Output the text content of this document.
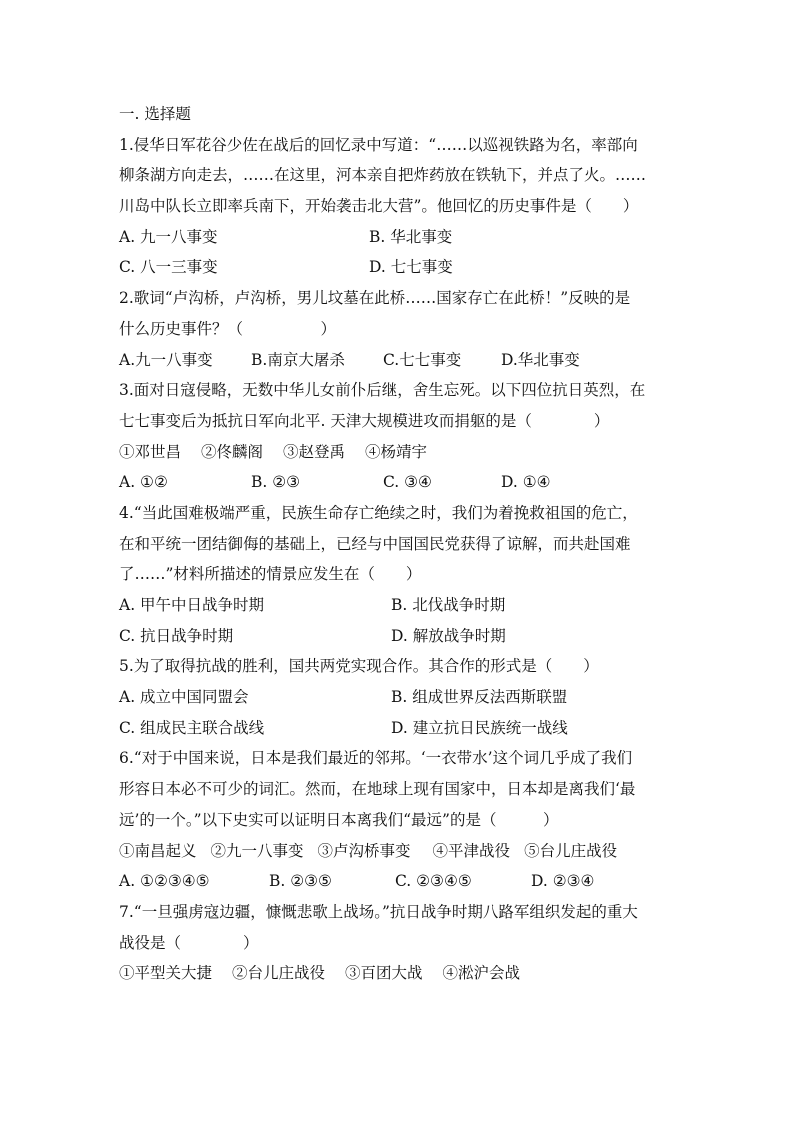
一. 选择题
1.侵华日军花谷少佐在战后的回忆录中写道：“……以巡视铁路为名，率部向
柳条湖方向走去，……在这里，河本亲自把炸药放在铁轨下，并点了火。……
川岛中队长立即率兵南下，开始袭击北大营”。他回忆的历史事件是（　　）
A. 九一八事变	B. 华北事变
C. 八一三事变	D. 七七事变
2.歌词“卢沟桥，卢沟桥，男儿坟墓在此桥……国家存亡在此桥！”反映的是
什么历史事件？（　　　　　）
A.九一八事变	B.南京大屠杀	C.七七事变	D.华北事变
3.面对日寇侵略，无数中华儿女前仆后继，舍生忘死。以下四位抗日英烈，在
七七事变后为抵抗日军向北平. 天津大规模进攻而捐躯的是（　　　　）
①邓世昌 ②佟麟阁 ③赵登禹 ④杨靖宇
A. ①②	B. ②③	C. ③④	D. ①④
4.“当此国难极端严重，民族生命存亡绝续之时，我们为着挽救祖国的危亡，
在和平统一团结御侮的基础上，已经与中国国民党获得了谅解，而共赴国难
了……”材料所描述的情景应发生在（　　）
A. 甲午中日战争时期	B. 北伐战争时期
C. 抗日战争时期	D. 解放战争时期
5.为了取得抗战的胜利，国共两党实现合作。其合作的形式是（　　）
A. 成立中国同盟会	B. 组成世界反法西斯联盟
C. 组成民主联合战线	D. 建立抗日民族统一战线
6.“对于中国来说，日本是我们最近的邻邦。‘一衣带水’这个词几乎成了我们
形容日本必不可少的词汇。然而，在地球上现有国家中，日本却是离我们‘最
远’的一个。”以下史实可以证明日本离我们“最远”的是（　　　）
①南昌起义 ②九一八事变 ③卢沟桥事变 ④平津战役 ⑤台儿庄战役
A. ①②③④⑤	B. ②③⑤	C. ②③④⑤	D. ②③④
7.“一旦强虏寇边疆，慷慨悲歌上战场。”抗日战争时期八路军组织发起的重大
战役是（　　　　）
①平型关大捷 ②台儿庄战役 ③百团大战 ④淞沪会战
